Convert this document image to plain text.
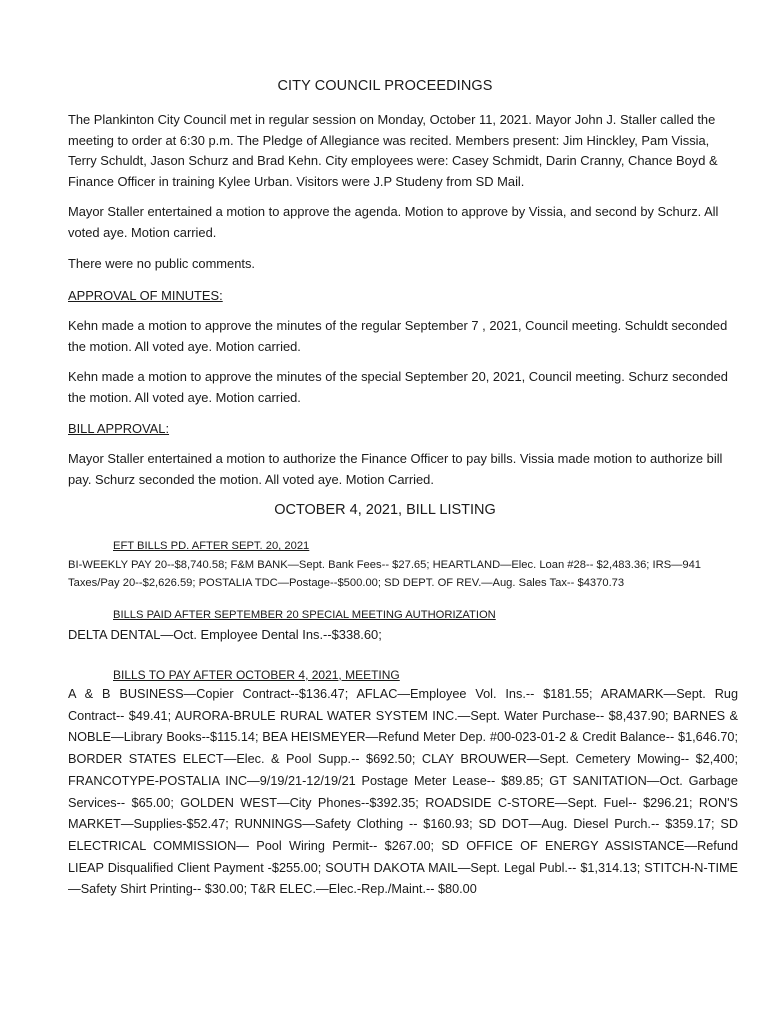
CITY COUNCIL PROCEEDINGS

The Plankinton City Council met in regular session on Monday, October 11, 2021. Mayor John J. Staller called the meeting to order at 6:30 p.m. The Pledge of Allegiance was recited. Members present: Jim Hinckley, Pam Vissia, Terry Schuldt, Jason Schurz and Brad Kehn. City employees were: Casey Schmidt, Darin Cranny, Chance Boyd & Finance Officer in training Kylee Urban. Visitors were J.P Studeny from SD Mail.

Mayor Staller entertained a motion to approve the agenda. Motion to approve by Vissia, and second by Schurz. All voted aye. Motion carried.

There were no public comments.

APPROVAL OF MINUTES:

Kehn made a motion to approve the minutes of the regular September 7 , 2021, Council meeting. Schuldt seconded the motion. All voted aye. Motion carried.

Kehn made a motion to approve the minutes of the special September 20, 2021, Council meeting. Schurz seconded the motion. All voted aye. Motion carried.

BILL APPROVAL:

Mayor Staller entertained a motion to authorize the Finance Officer to pay bills. Vissia made motion to authorize bill pay. Schurz seconded the motion. All voted aye. Motion Carried.

OCTOBER 4, 2021, BILL LISTING
EFT BILLS PD. AFTER SEPT. 20, 2021
BI-WEEKLY PAY 20--$8,740.58; F&M BANK—Sept. Bank Fees-- $27.65; HEARTLAND—Elec. Loan #28-- $2,483.36; IRS—941 Taxes/Pay 20--$2,626.59; POSTALIA TDC—Postage--$500.00; SD DEPT. OF REV.—Aug. Sales Tax-- $4370.73
BILLS PAID AFTER SEPTEMBER 20 SPECIAL MEETING AUTHORIZATION
DELTA DENTAL—Oct. Employee Dental Ins.--$338.60;
BILLS TO PAY AFTER OCTOBER 4, 2021, MEETING
A & B BUSINESS—Copier Contract--$136.47; AFLAC—Employee Vol. Ins.-- $181.55; ARAMARK—Sept. Rug Contract-- $49.41; AURORA-BRULE RURAL WATER SYSTEM INC.—Sept. Water Purchase-- $8,437.90; BARNES & NOBLE—Library Books--$115.14; BEA HEISMEYER—Refund Meter Dep. #00-023-01-2 & Credit Balance-- $1,646.70; BORDER STATES ELECT—Elec. & Pool Supp.-- $692.50; CLAY BROUWER—Sept. Cemetery Mowing-- $2,400; FRANCOTYPE-POSTALIA INC—9/19/21-12/19/21 Postage Meter Lease-- $89.85; GT SANITATION—Oct. Garbage Services-- $65.00; GOLDEN WEST—City Phones--$392.35; ROADSIDE C-STORE—Sept. Fuel-- $296.21; RON'S MARKET—Supplies-$52.47; RUNNINGS—Safety Clothing -- $160.93; SD DOT—Aug. Diesel Purch.-- $359.17; SD ELECTRICAL COMMISSION— Pool Wiring Permit-- $267.00; SD OFFICE OF ENERGY ASSISTANCE—Refund LIEAP Disqualified Client Payment -$255.00; SOUTH DAKOTA MAIL—Sept. Legal Publ.-- $1,314.13; STITCH-N-TIME—Safety Shirt Printing-- $30.00; T&R ELEC.—Elec.-Rep./Maint.-- $80.00
